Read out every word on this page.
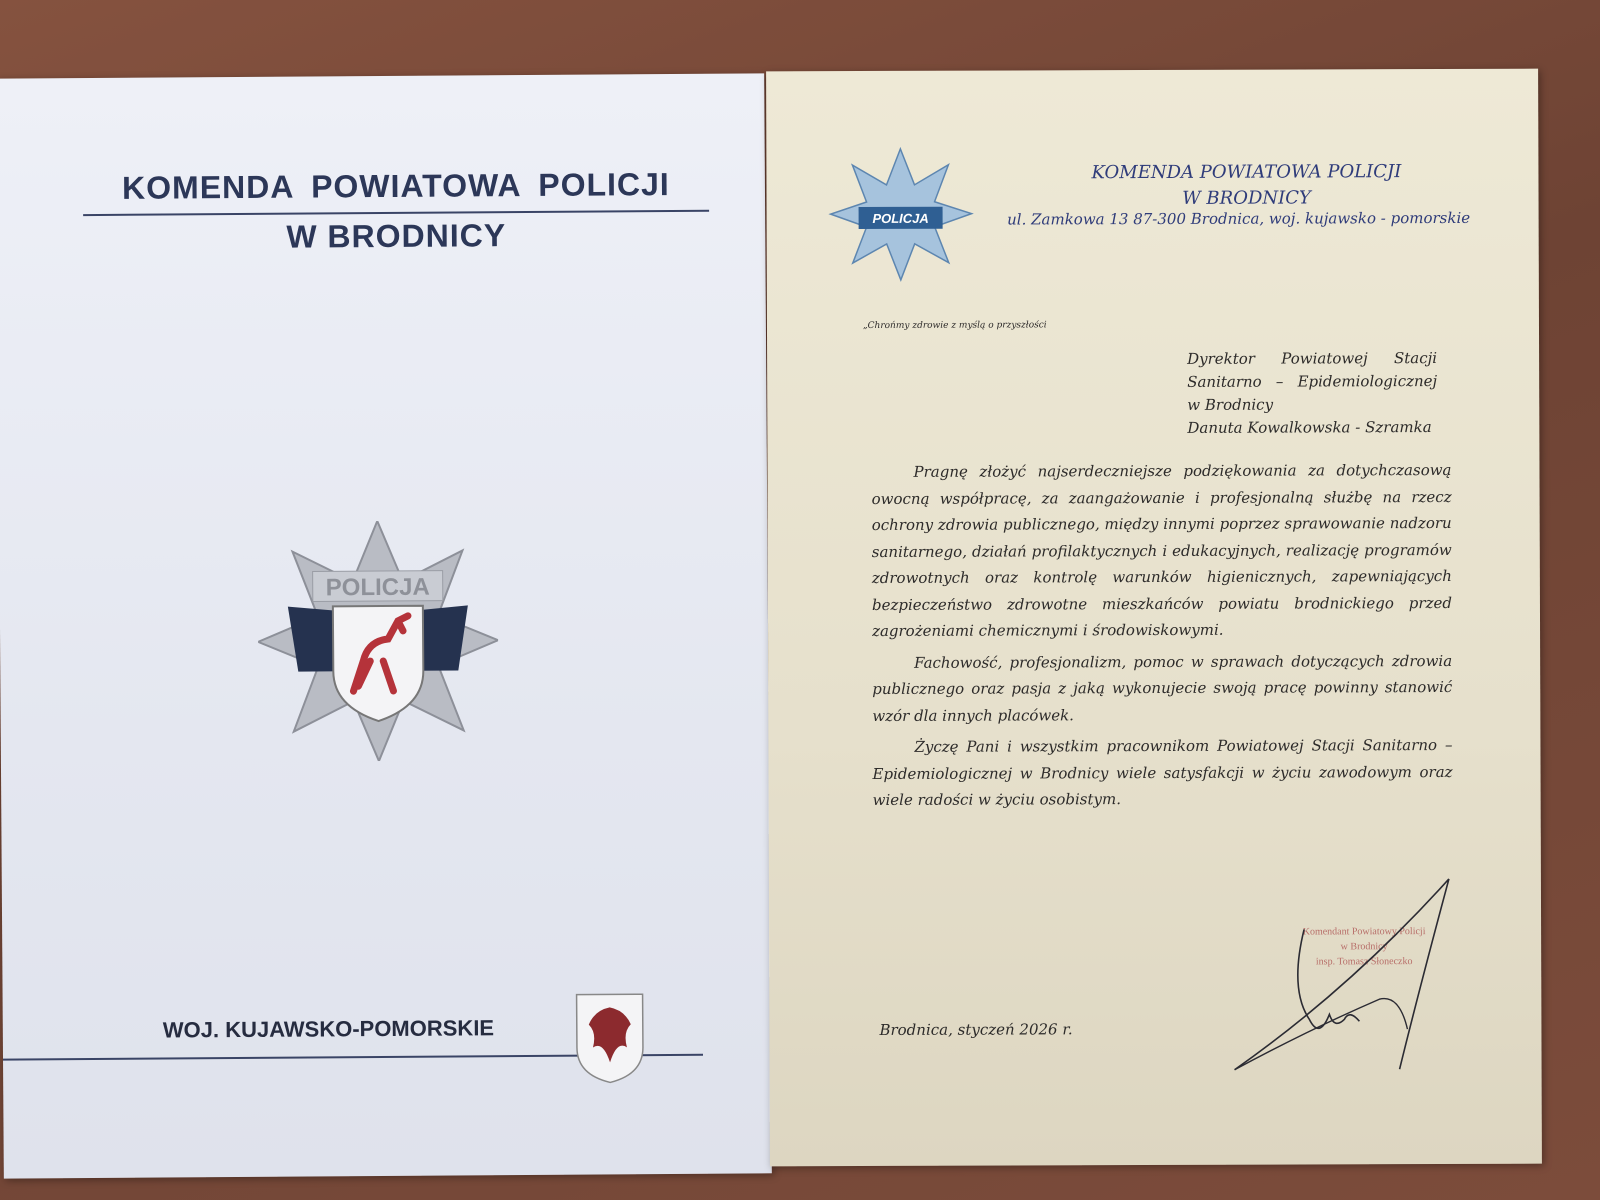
KOMENDA POWIATOWA POLICJI
W BRODNICY
POLICJA
WOJ. KUJAWSKO-POMORSKIE
POLICJA
KOMENDA POWIATOWA POLICJI
W BRODNICY
ul. Zamkowa 13 87-300 Brodnica, woj. kujawsko - pomorskie
„Chrońmy zdrowie z myślą o przyszłości
Dyrektor Powiatowej Stacji
Sanitarno – Epidemiologicznej
w Brodnicy
Danuta Kowalkowska - Szramka

Pragnę złożyć najserdeczniejsze podziękowania za dotychczasową owocną współpracę, za zaangażowanie i profesjonalną służbę na rzecz ochrony zdrowia publicznego, między innymi poprzez sprawowanie nadzoru sanitarnego, działań profilaktycznych i edukacyjnych, realizację programów zdrowotnych oraz kontrolę warunków higienicznych, zapewniających bezpieczeństwo zdrowotne mieszkańców powiatu brodnickiego przed zagrożeniami chemicznymi i środowiskowymi.

Fachowość, profesjonalizm, pomoc w sprawach dotyczących zdrowia publicznego oraz pasja z jaką wykonujecie swoją pracę powinny stanowić wzór dla innych placówek.

Życzę Pani i wszystkim pracownikom Powiatowej Stacji Sanitarno – Epidemiologicznej w Brodnicy wiele satysfakcji w życiu zawodowym oraz wiele radości w życiu osobistym.

Brodnica, styczeń 2026 r.
Komendant Powiatowy Policji
w Brodnicy
insp. Tomasz Słoneczko
